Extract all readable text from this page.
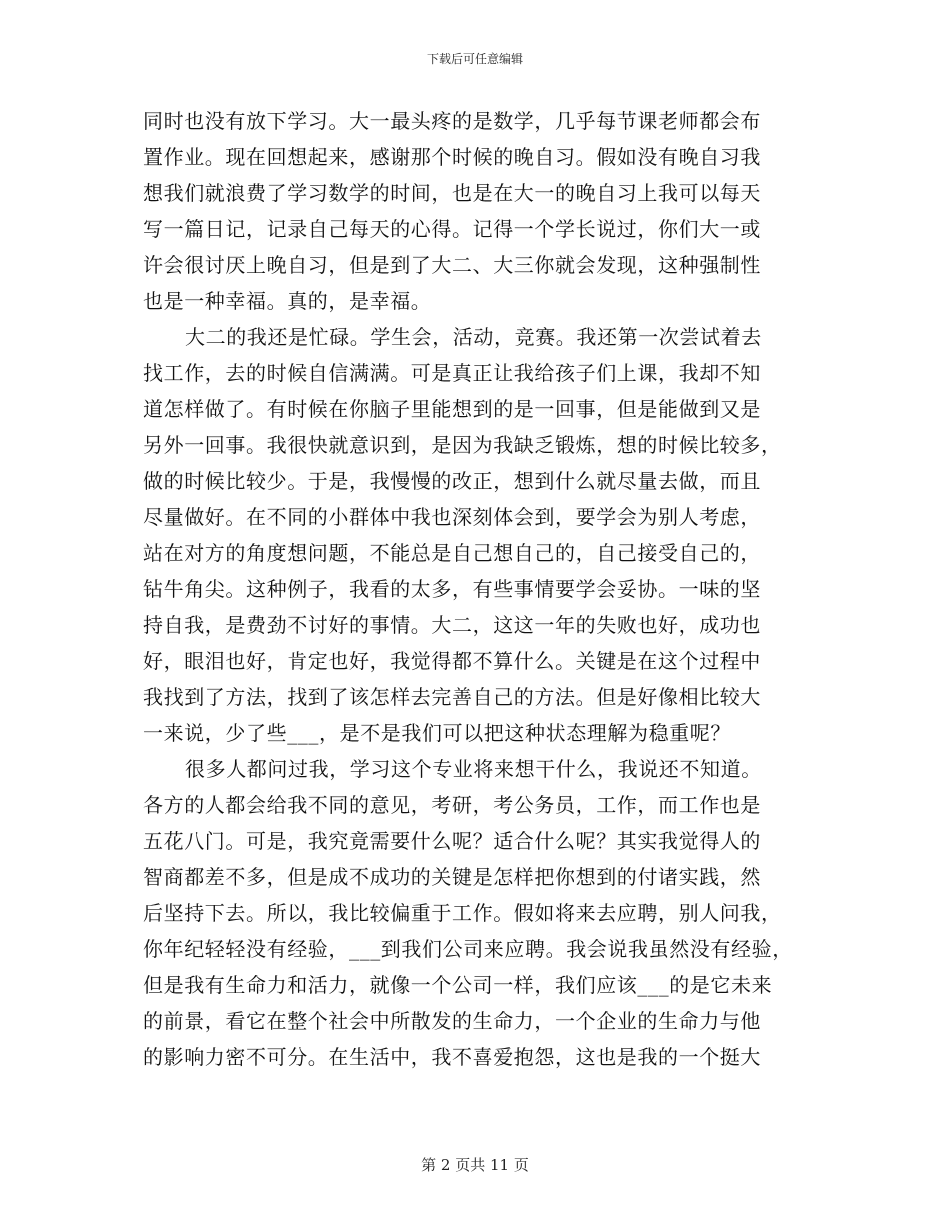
下载后可任意编辑
同时也没有放下学习。大一最头疼的是数学，几乎每节课老师都会布
置作业。现在回想起来，感谢那个时候的晚自习。假如没有晚自习我
想我们就浪费了学习数学的时间，也是在大一的晚自习上我可以每天
写一篇日记，记录自己每天的心得。记得一个学长说过，你们大一或
许会很讨厌上晚自习，但是到了大二、大三你就会发现，这种强制性
也是一种幸福。真的，是幸福。
大二的我还是忙碌。学生会，活动，竞赛。我还第一次尝试着去
找工作，去的时候自信满满。可是真正让我给孩子们上课，我却不知
道怎样做了。有时候在你脑子里能想到的是一回事，但是能做到又是
另外一回事。我很快就意识到，是因为我缺乏锻炼，想的时候比较多，
做的时候比较少。于是，我慢慢的改正，想到什么就尽量去做，而且
尽量做好。在不同的小群体中我也深刻体会到，要学会为别人考虑，
站在对方的角度想问题，不能总是自己想自己的，自己接受自己的，
钻牛角尖。这种例子，我看的太多，有些事情要学会妥协。一味的坚
持自我，是费劲不讨好的事情。大二，这这一年的失败也好，成功也
好，眼泪也好，肯定也好，我觉得都不算什么。关键是在这个过程中
我找到了方法，找到了该怎样去完善自己的方法。但是好像相比较大
一来说，少了些___，是不是我们可以把这种状态理解为稳重呢？
很多人都问过我，学习这个专业将来想干什么，我说还不知道。
各方的人都会给我不同的意见，考研，考公务员，工作，而工作也是
五花八门。可是，我究竟需要什么呢？适合什么呢？其实我觉得人的
智商都差不多，但是成不成功的关键是怎样把你想到的付诸实践，然
后坚持下去。所以，我比较偏重于工作。假如将来去应聘，别人问我，
你年纪轻轻没有经验，___到我们公司来应聘。我会说我虽然没有经验，
但是我有生命力和活力，就像一个公司一样，我们应该___的是它未来
的前景，看它在整个社会中所散发的生命力，一个企业的生命力与他
的影响力密不可分。在生活中，我不喜爱抱怨，这也是我的一个挺大
第 2 页共 11 页
